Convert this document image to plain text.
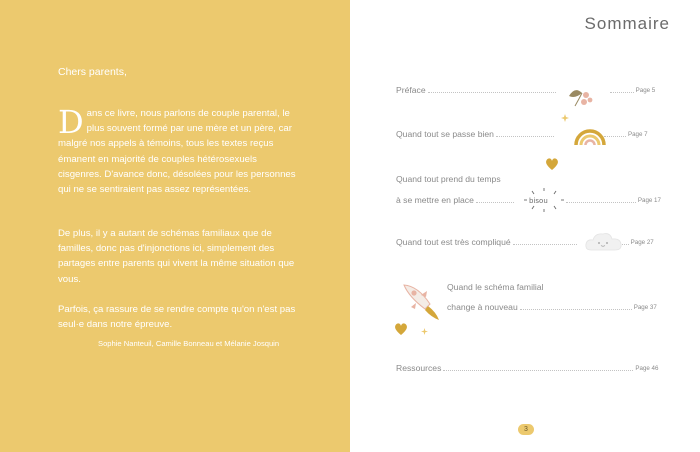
Chers parents,
D ans ce livre, nous parlons de couple parental, le plus souvent formé par une mère et un père, car malgré nos appels à témoins, tous les textes reçus émanent en majorité de couples hétérosexuels cisgenres. D'avance donc, désolées pour les personnes qui ne se sentiraient pas assez représentées.
De plus, il y a autant de schémas familiaux que de familles, donc pas d'injonctions ici, simplement des partages entre parents qui vivent la même situation que vous.
Parfois, ça rassure de se rendre compte qu'on n'est pas seul·e dans notre épreuve.
Sophie Nanteuil, Camille Bonneau et Mélanie Josquin
Sommaire
Préface	Page 5
Quand tout se passe bien	Page 7
Quand tout prend du temps
à se mettre en place	Page 17
Quand tout est très compliqué	Page 27
Quand le schéma familial
change à nouveau	Page 37
Ressources	Page 46
bisou
3
